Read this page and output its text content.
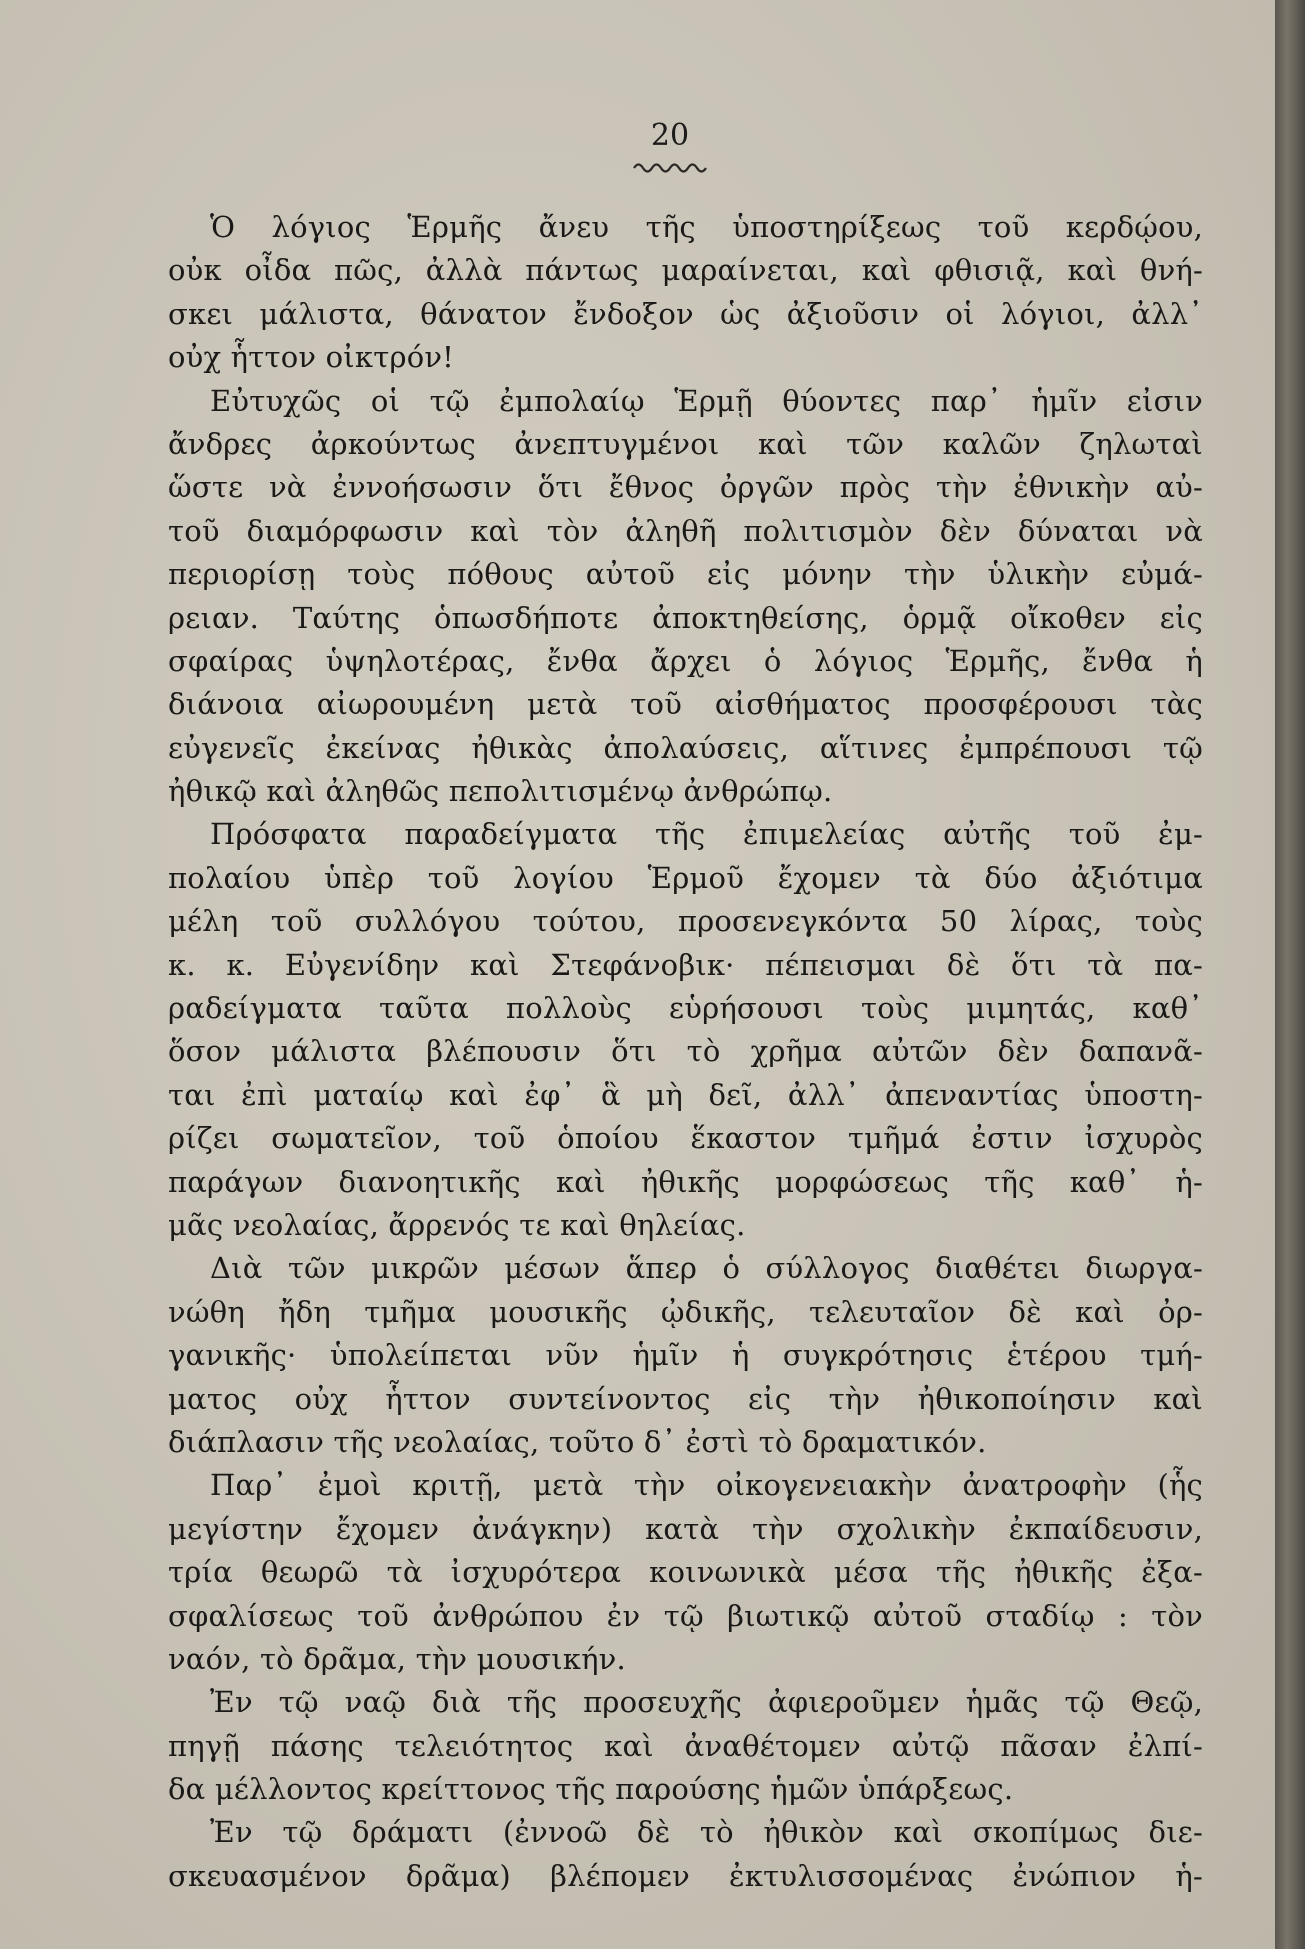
20
Ὁ λόγιος Ἑρμῆς ἄνευ τῆς ὑποστηρίξεως τοῦ κερδῴου,
οὐκ οἶδα πῶς, ἀλλὰ πάντως μαραίνεται, καὶ φθισιᾷ, καὶ θνή-
σκει μάλιστα, θάνατον ἔνδοξον ὡς ἀξιοῦσιν οἱ λόγιοι, ἀλλ᾽
οὐχ ἧττον οἰκτρόν!
Εὐτυχῶς οἱ τῷ ἐμπολαίῳ Ἑρμῇ θύοντες παρ᾽ ἡμῖν εἰσιν
ἄνδρες ἀρκούντως ἀνεπτυγμένοι καὶ τῶν καλῶν ζηλωταὶ
ὥστε νὰ ἐννοήσωσιν ὅτι ἔθνος ὀργῶν πρὸς τὴν ἐθνικὴν αὐ-
τοῦ διαμόρφωσιν καὶ τὸν ἀληθῆ πολιτισμὸν δὲν δύναται νὰ
περιορίσῃ τοὺς πόθους αὐτοῦ εἰς μόνην τὴν ὑλικὴν εὐμά-
ρειαν. Ταύτης ὁπωσδήποτε ἀποκτηθείσης, ὁρμᾷ οἴκοθεν εἰς
σφαίρας ὑψηλοτέρας, ἔνθα ἄρχει ὁ λόγιος Ἑρμῆς, ἔνθα ἡ
διάνοια αἰωρουμένη μετὰ τοῦ αἰσθήματος προσφέρουσι τὰς
εὐγενεῖς ἐκείνας ἠθικὰς ἀπολαύσεις, αἵτινες ἐμπρέπουσι τῷ
ἠθικῷ καὶ ἀληθῶς πεπολιτισμένῳ ἀνθρώπῳ.
Πρόσφατα παραδείγματα τῆς ἐπιμελείας αὐτῆς τοῦ ἐμ-
πολαίου ὑπὲρ τοῦ λογίου Ἑρμοῦ ἔχομεν τὰ δύο ἀξιότιμα
μέλη τοῦ συλλόγου τούτου, προσενεγκόντα 50 λίρας, τοὺς
κ. κ. Εὐγενίδην καὶ Στεφάνοβικ· πέπεισμαι δὲ ὅτι τὰ πα-
ραδείγματα ταῦτα πολλοὺς εὑρήσουσι τοὺς μιμητάς, καθ᾽
ὅσον μάλιστα βλέπουσιν ὅτι τὸ χρῆμα αὐτῶν δὲν δαπανᾶ-
ται ἐπὶ ματαίῳ καὶ ἐφ᾽ ἃ μὴ δεῖ, ἀλλ᾽ ἀπεναντίας ὑποστη-
ρίζει σωματεῖον, τοῦ ὁποίου ἕκαστον τμῆμά ἐστιν ἰσχυρὸς
παράγων διανοητικῆς καὶ ἠθικῆς μορφώσεως τῆς καθ᾽ ἡ-
μᾶς νεολαίας, ἄρρενός τε καὶ θηλείας.
Διὰ τῶν μικρῶν μέσων ἅπερ ὁ σύλλογος διαθέτει διωργα-
νώθη ἤδη τμῆμα μουσικῆς ᾠδικῆς, τελευταῖον δὲ καὶ ὀρ-
γανικῆς· ὑπολείπεται νῦν ἡμῖν ἡ συγκρότησις ἑτέρου τμή-
ματος οὐχ ἧττον συντείνοντος εἰς τὴν ἠθικοποίησιν καὶ
διάπλασιν τῆς νεολαίας, τοῦτο δ᾽ ἐστὶ τὸ δραματικόν.
Παρ᾽ ἐμοὶ κριτῇ, μετὰ τὴν οἰκογενειακὴν ἀνατροφὴν (ἧς
μεγίστην ἔχομεν ἀνάγκην) κατὰ τὴν σχολικὴν ἐκπαίδευσιν,
τρία θεωρῶ τὰ ἰσχυρότερα κοινωνικὰ μέσα τῆς ἠθικῆς ἐξα-
σφαλίσεως τοῦ ἀνθρώπου ἐν τῷ βιωτικῷ αὐτοῦ σταδίῳ : τὸν
ναόν, τὸ δρᾶμα, τὴν μουσικήν.
Ἐν τῷ ναῷ διὰ τῆς προσευχῆς ἀφιεροῦμεν ἡμᾶς τῷ Θεῷ,
πηγῇ πάσης τελειότητος καὶ ἀναθέτομεν αὐτῷ πᾶσαν ἐλπί-
δα μέλλοντος κρείττονος τῆς παρούσης ἡμῶν ὑπάρξεως.
Ἐν τῷ δράματι (ἐννοῶ δὲ τὸ ἠθικὸν καὶ σκοπίμως διε-
σκευασμένον δρᾶμα) βλέπομεν ἐκτυλισσομένας ἐνώπιον ἡ-
